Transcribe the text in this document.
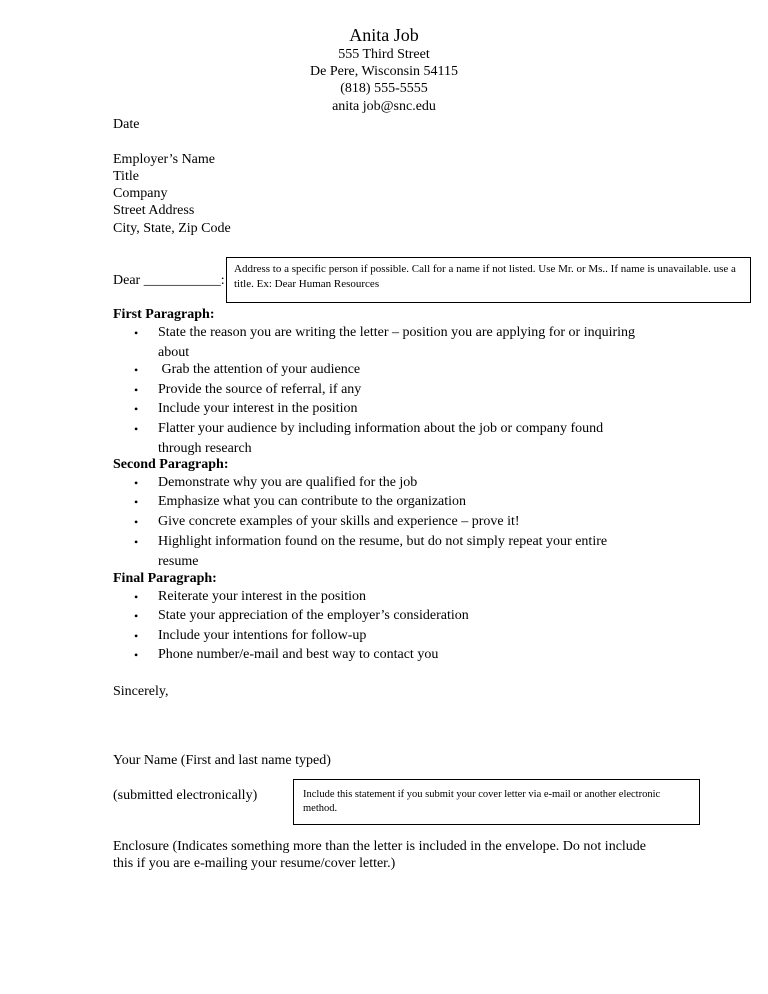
Anita Job
555 Third Street
De Pere, Wisconsin 54115
(818) 555-5555
anita job@snc.edu
Date
Employer’s Name
Title
Company
Street Address
City, State, Zip Code
Dear ___________:
Address to a specific person if possible. Call for a name if not listed. Use Mr. or Ms.. If name is unavailable. use a title. Ex: Dear Human Resources
First Paragraph:
• State the reason you are writing the letter – position you are applying for or inquiring about
• Grab the attention of your audience
• Provide the source of referral, if any
• Include your interest in the position
• Flatter your audience by including information about the job or company found through research
Second Paragraph:
• Demonstrate why you are qualified for the job
• Emphasize what you can contribute to the organization
• Give concrete examples of your skills and experience – prove it!
• Highlight information found on the resume, but do not simply repeat your entire resume
Final Paragraph:
• Reiterate your interest in the position
• State your appreciation of the employer’s consideration
• Include your intentions for follow-up
• Phone number/e-mail and best way to contact you
Sincerely,
Your Name (First and last name typed)
(submitted electronically)	Include this statement if you submit your cover letter via e-mail or another electronic method.
Enclosure (Indicates something more than the letter is included in the envelope. Do not include this if you are e-mailing your resume/cover letter.)
